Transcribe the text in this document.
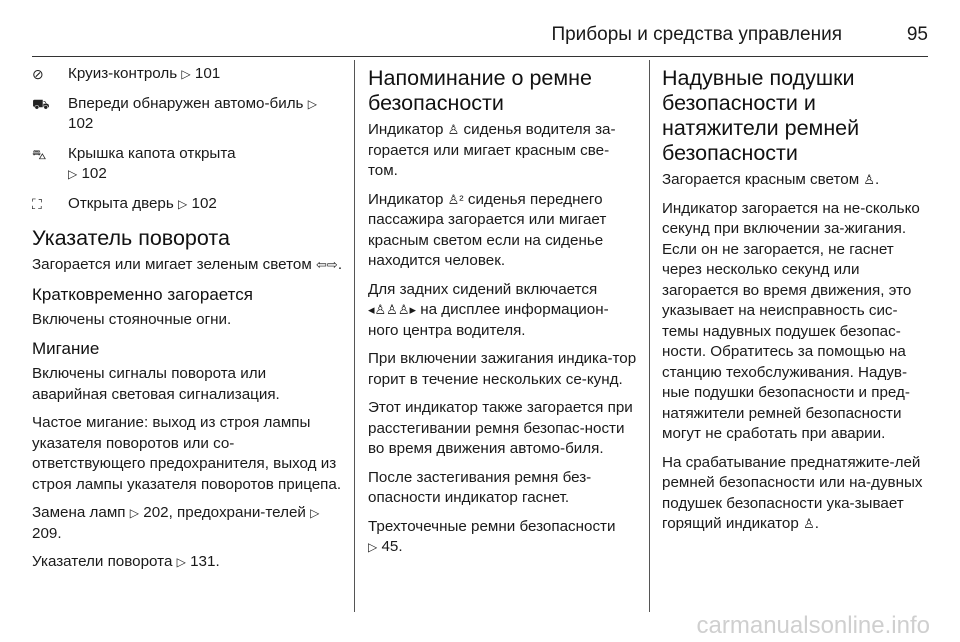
Приборы и средства управления	95
⊘	Круиз-контроль ▷ 101
⛟	Впереди обнаружен автомо-биль ▷ 102
⛍	Крышка капота открыта
▷ 102
⛶	Открыта дверь ▷ 102
Указатель поворота

Загорается или мигает зеленым светом ⇦⇨.

Кратковременно загорается

Включены стояночные огни.

Мигание

Включены сигналы поворота или аварийная световая сигнализация.

Частое мигание: выход из строя лампы указателя поворотов или со-ответствующего предохранителя, выход из строя лампы указателя поворотов прицепа.

Замена ламп ▷ 202, предохрани-телей ▷ 209.

Указатели поворота ▷ 131.

Напоминание о ремне безопасности

Индикатор ♙ сиденья водителя за-горается или мигает красным све-том.

Индикатор ♙² сиденья переднего пассажира загорается или мигает красным светом если на сиденье находится человек.

Для задних сидений включается
◂♙♙♙▸ на дисплее информацион-ного центра водителя.

При включении зажигания индика-тор горит в течение нескольких се-кунд.

Этот индикатор также загорается при расстегивании ремня безопас-ности во время движения автомо-биля.

После застегивания ремня без-опасности индикатор гаснет.

Трехточечные ремни безопасности
▷ 45.

Надувные подушки безопасности и натяжители ремней безопасности

Загорается красным светом ♙.

Индикатор загорается на не-сколько секунд при включении за-жигания. Если он не загорается, не гаснет через несколько секунд или загорается во время движения, это указывает на неисправность сис-темы надувных подушек безопас-ности. Обратитесь за помощью на станцию техобслуживания. Надув-ные подушки безопасности и пред-натяжители ремней безопасности могут не сработать при аварии.

На срабатывание преднатяжите-лей ремней безопасности или на-дувных подушек безопасности ука-зывает горящий индикатор ♙.

carmanualsonline.info
